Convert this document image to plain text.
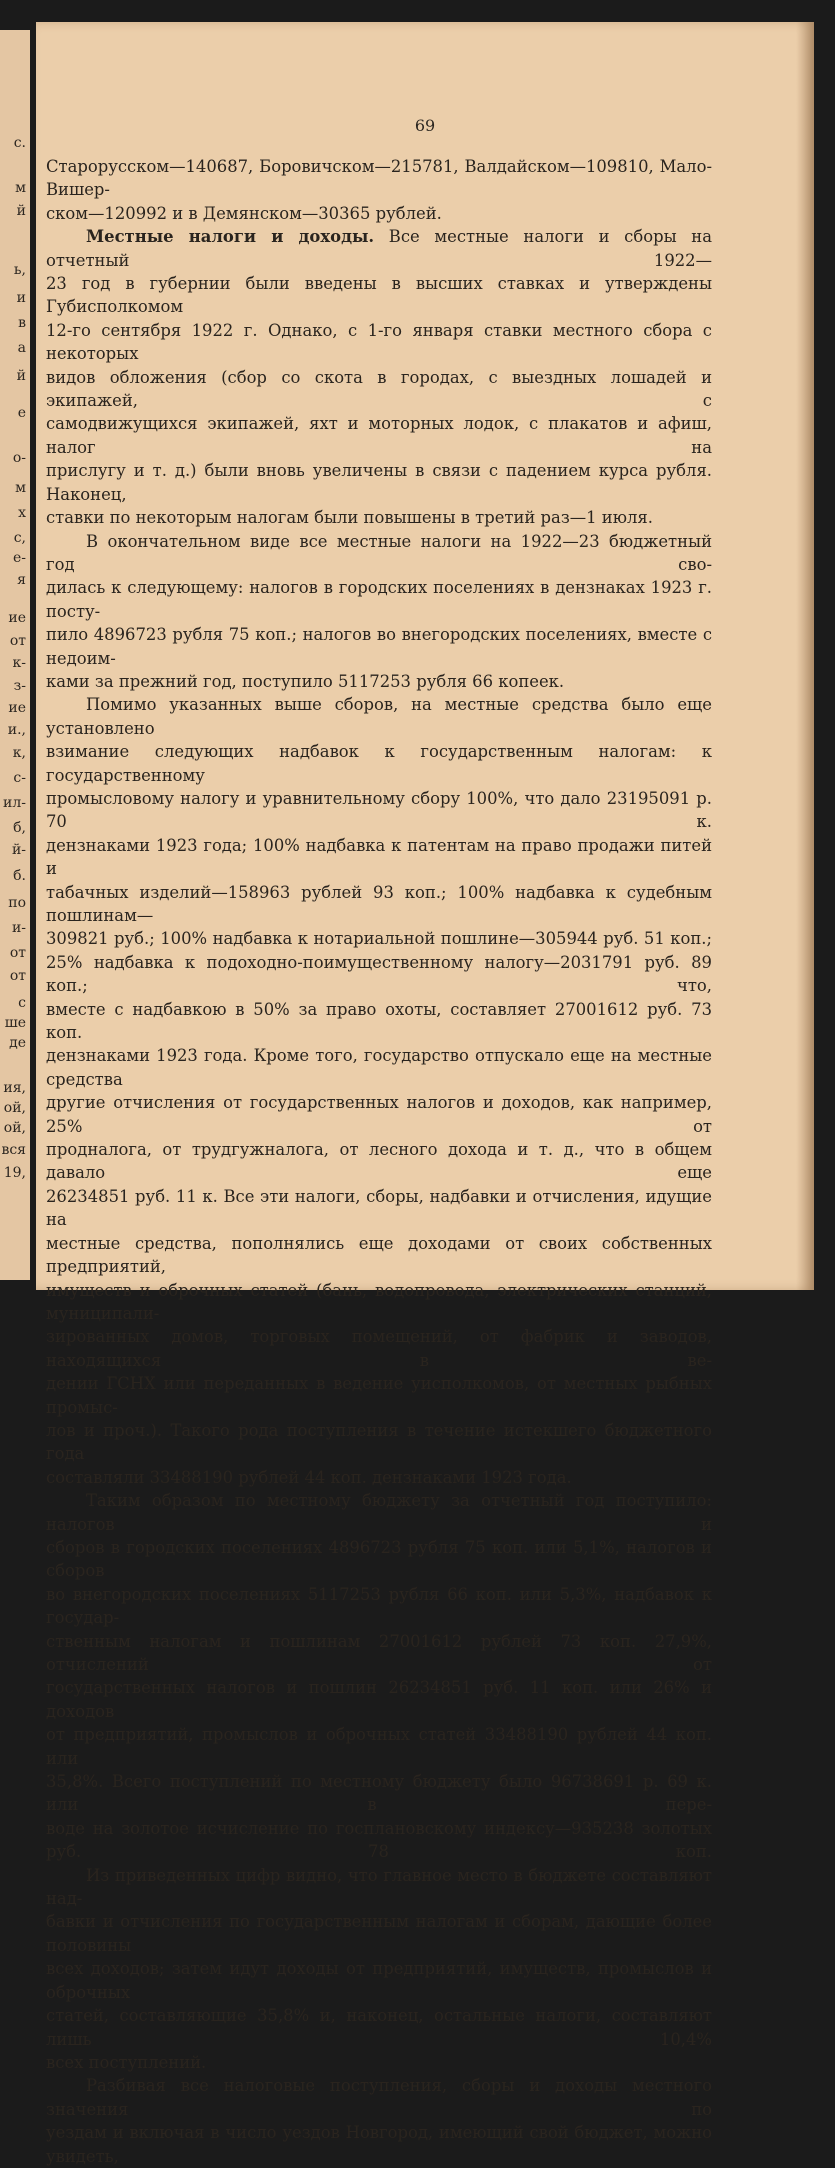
с.
м
й
ь,
и
в
а
й
е
о-
м
х
с,
е-
я
ие
от
к-
з-
ие
и.,
к,
с-
ил-
б,
й-
б.
по
и-
от
от
с
ше
де
ия,
ой,
ой,
вся
19,
69

Старорусском—140687, Боровичском—215781, Валдайском—109810, Мало-Вишер-

ском—120992 и в Демянском—30365 рублей.

Местные налоги и доходы. Все местные налоги и сборы на отчетный 1922—

23 год в губернии были введены в высших ставках и утверждены Губисполкомом

12-го сентября 1922 г. Однако, с 1-го января ставки местного сбора с некоторых

видов обложения (сбор со скота в городах, с выездных лошадей и экипажей, с

самодвижущихся экипажей, яхт и моторных лодок, с плакатов и афиш, налог на

прислугу и т. д.) были вновь увеличены в связи с падением курса рубля. Наконец,

ставки по некоторым налогам были повышены в третий раз—1 июля.

В окончательном виде все местные налоги на 1922—23 бюджетный год сво-

дилась к следующему: налогов в городских поселениях в дензнаках 1923 г. посту-

пило 4896723 рубля 75 коп.; налогов во внегородских поселениях, вместе с недоим-

ками за прежний год, поступило 5117253 рубля 66 копеек.

Помимо указанных выше сборов, на местные средства было еще установлено

взимание следующих надбавок к государственным налогам: к государственному

промысловому налогу и уравнительному сбору 100%, что дало 23195091 р. 70 к.

дензнаками 1923 года; 100% надбавка к патентам на право продажи питей и

табачных изделий—158963 рублей 93 коп.; 100% надбавка к судебным пошлинам—

309821 руб.; 100% надбавка к нотариальной пошлине—305944 руб. 51 коп.;

25% надбавка к подоходно-поимущественному налогу—2031791 руб. 89 коп.; что,

вместе с надбавкою в 50% за право охоты, составляет 27001612 руб. 73 коп.

дензнаками 1923 года. Кроме того, государство отпускало еще на местные средства

другие отчисления от государственных налогов и доходов, как например, 25% от

продналога, от трудгужналога, от лесного дохода и т. д., что в общем давало еще

26234851 руб. 11 к. Все эти налоги, сборы, надбавки и отчисления, идущие на

местные средства, пополнялись еще доходами от своих собственных предприятий,

имуществ и оброчных статей (бань, водопровода, электрических станций, муниципали-

зированных домов, торговых помещений, от фабрик и заводов, находящихся в ве-

дении ГСНХ или переданных в ведение уисполкомов, от местных рыбных промыс-

лов и проч.). Такого рода поступления в течение истекшего бюджетного года

составляли 33488190 рублей 44 коп. дензнаками 1923 года.

Таким образом по местному бюджету за отчетный год поступило: налогов и

сборов в городских поселениях 4896723 рубля 75 коп. или 5,1%, налогов и сборов

во внегородских поселениях 5117253 рубля 66 коп. или 5,3%, надбавок к государ-

ственным налогам и пошлинам 27001612 рублей 73 коп. 27,9%, отчислений от

государственных налогов и пошлин 26234851 руб. 11 коп. или 26% и доходов

от предприятий, промыслов и оброчных статей 33488190 рублей 44 коп. или

35,8%. Всего поступлений по местному бюджету было 96738691 р. 69 к. или в пере-

воде на золотое исчисление по госплановскому индексу—935238 золотых руб. 78 коп.

Из приведенных цифр видно, что главное место в бюджете составляют над-

бавки и отчисления по государственным налогам и сборам, дающие более половины

всех доходов; затем идут доходы от предприятий, имуществ, промыслов и оброчных

статей, составляющие 35,8% и, наконец, остальные налоги, составляют лишь 10,4%

всех поступлений.

Разбивая все налоговые поступления, сборы и доходы местного значения по

уездам и включая в число уездов Новгород, имеющий свой бюджет, можно увидеть,
